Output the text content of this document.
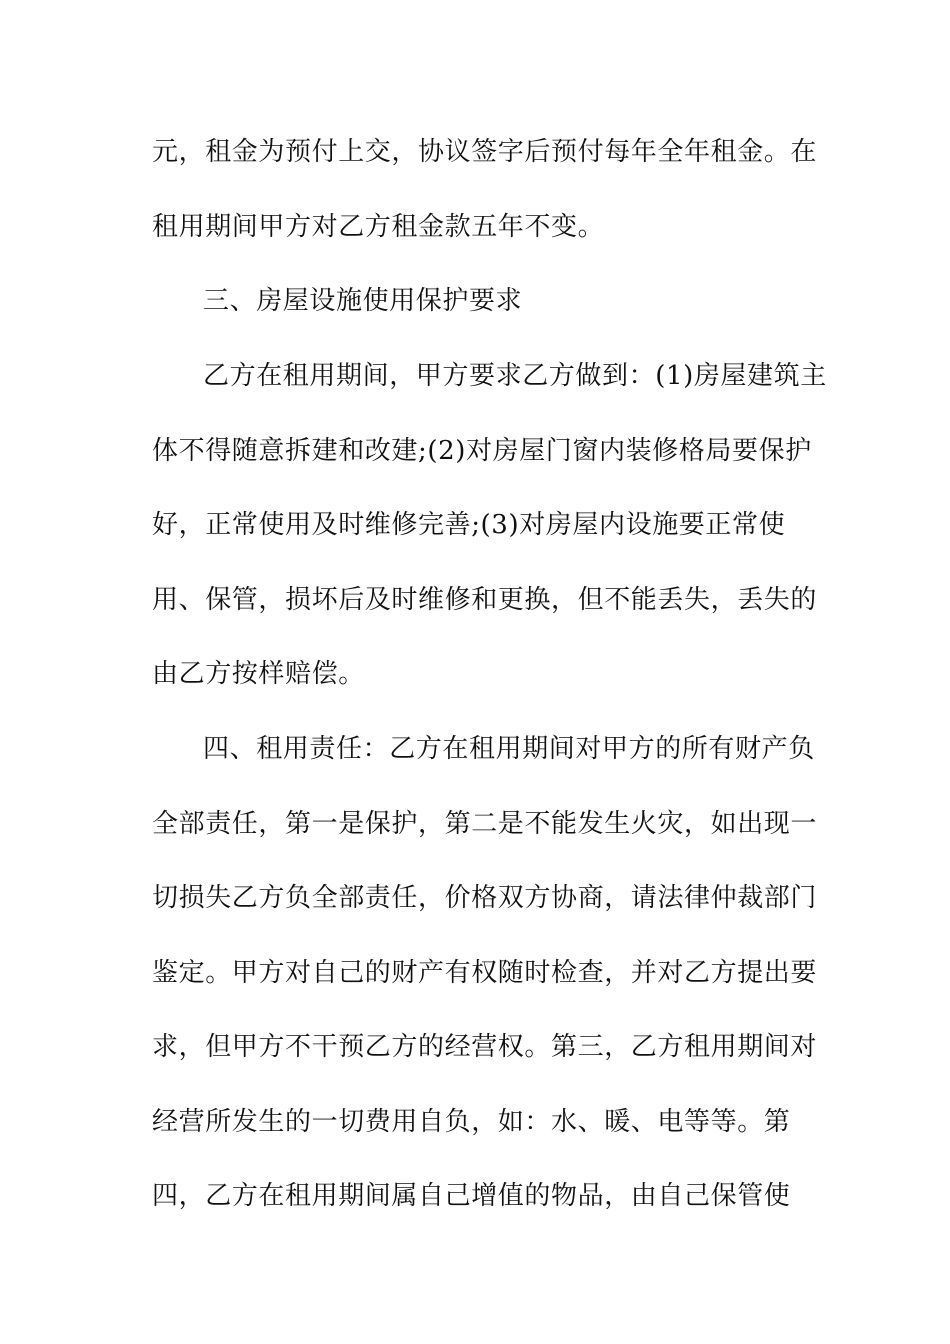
元，租金为预付上交，协议签字后预付每年全年租金。在
租用期间甲方对乙方租金款五年不变。
三、房屋设施使用保护要求
乙方在租用期间，甲方要求乙方做到：(1)房屋建筑主
体不得随意拆建和改建;(2)对房屋门窗内装修格局要保护
好，正常使用及时维修完善;(3)对房屋内设施要正常使
用、保管，损坏后及时维修和更换，但不能丢失，丢失的
由乙方按样赔偿。
四、租用责任：乙方在租用期间对甲方的所有财产负
全部责任，第一是保护，第二是不能发生火灾，如出现一
切损失乙方负全部责任，价格双方协商，请法律仲裁部门
鉴定。甲方对自己的财产有权随时检查，并对乙方提出要
求，但甲方不干预乙方的经营权。第三，乙方租用期间对
经营所发生的一切费用自负，如：水、暖、电等等。第
四，乙方在租用期间属自己增值的物品，由自己保管使
